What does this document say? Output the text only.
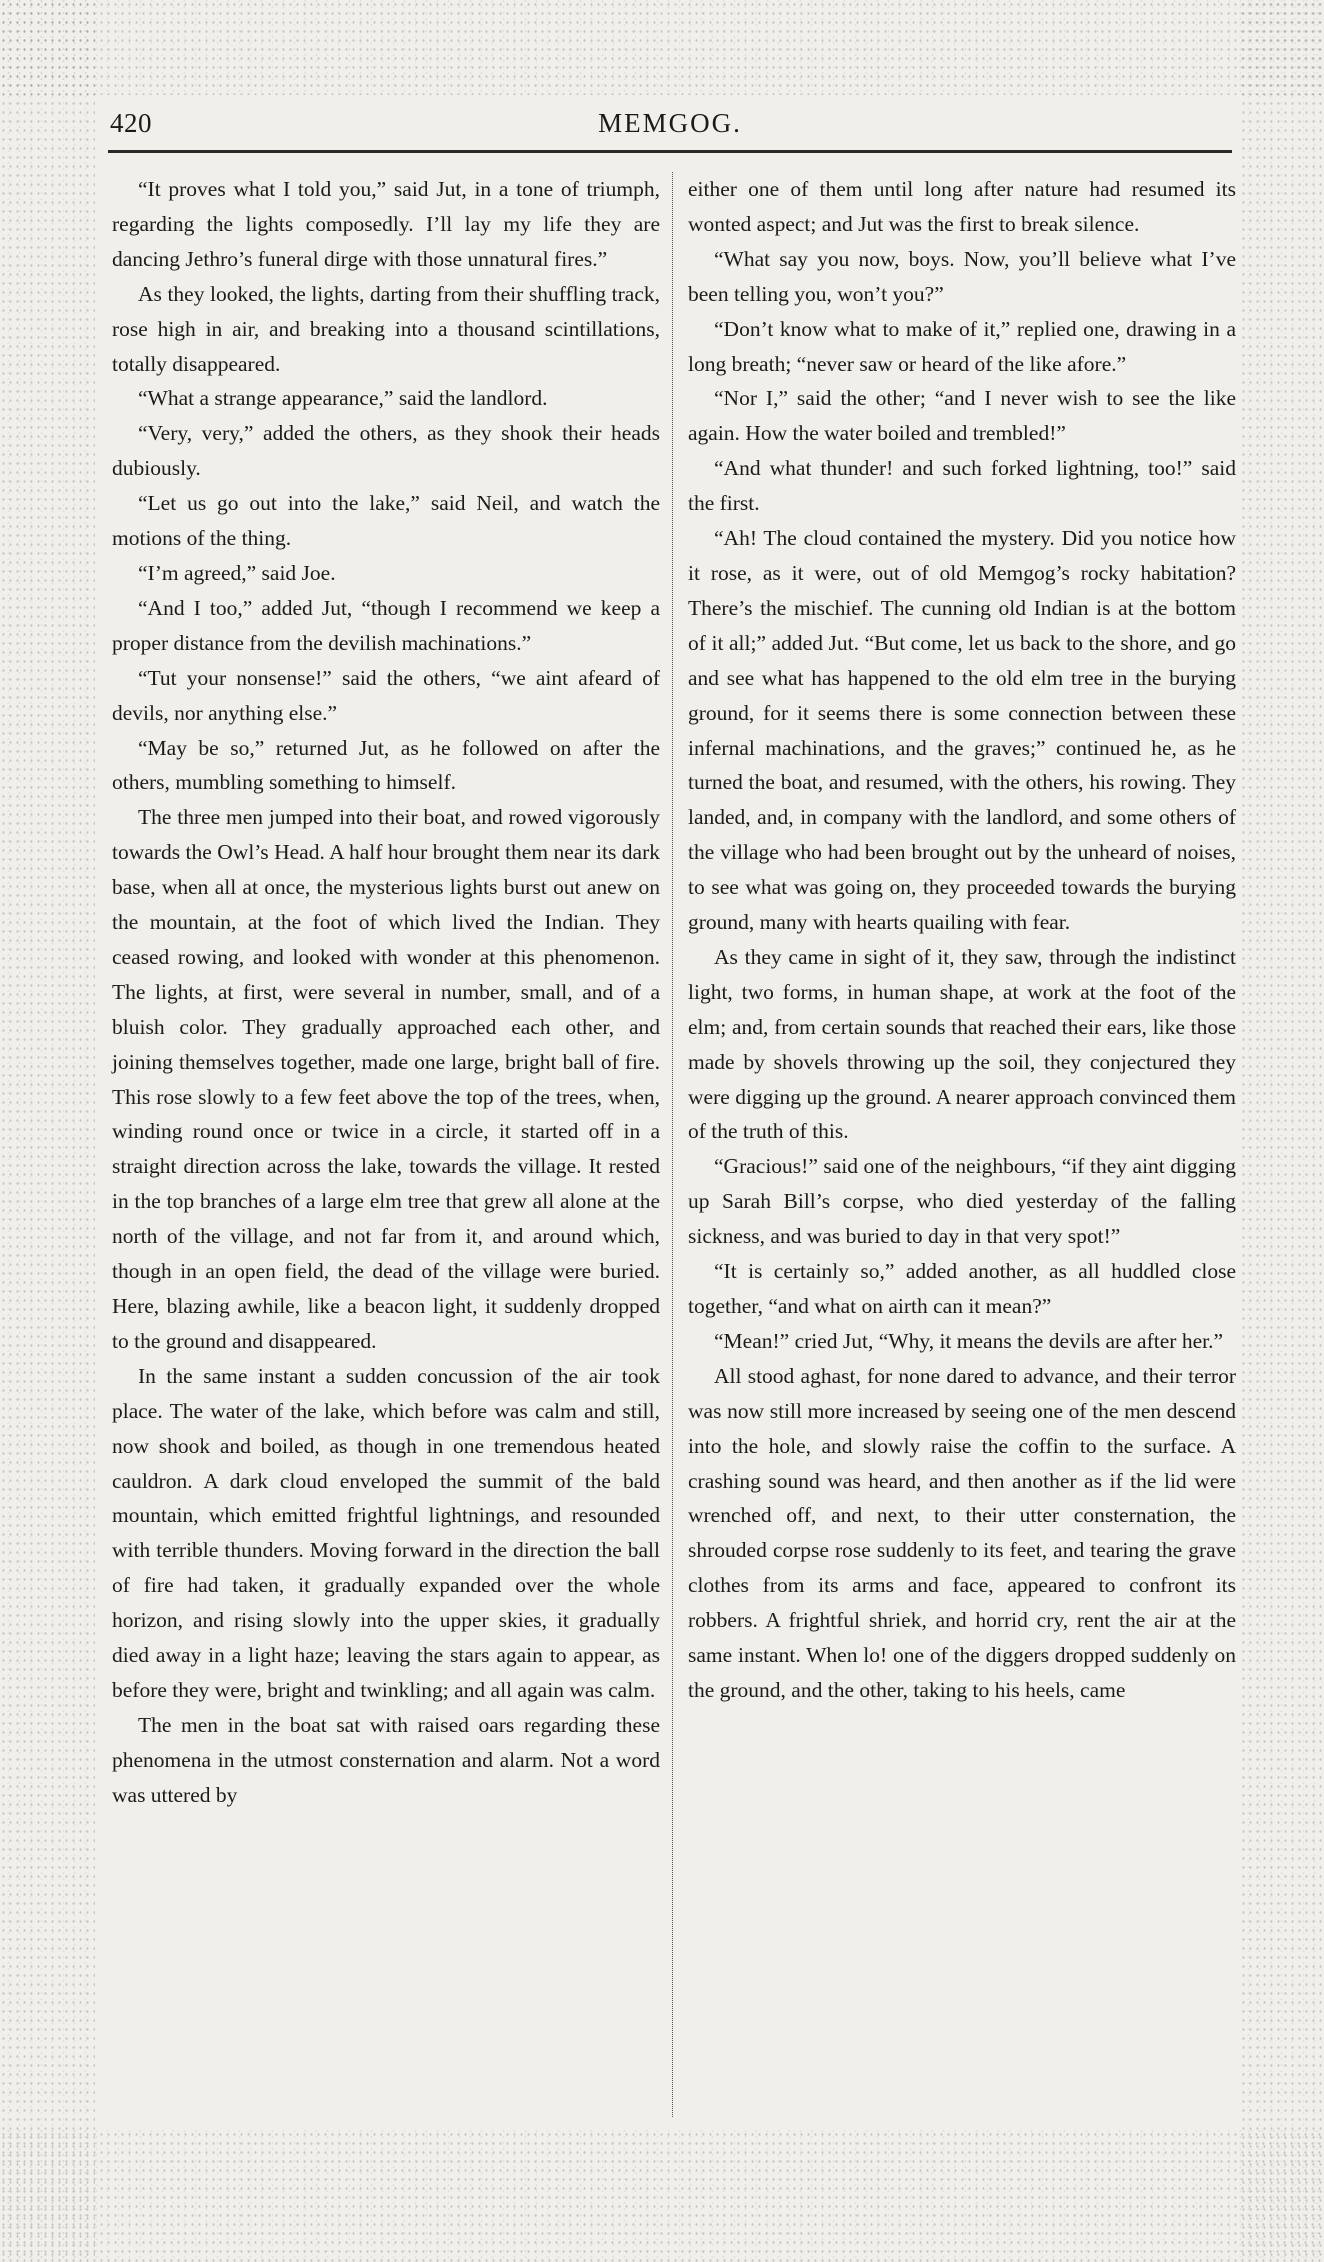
420	MEMGOG.

“It proves what I told you,” said Jut, in a tone of triumph, regarding the lights composedly. I’ll lay my life they are dancing Jethro’s funeral dirge with those unnatural fires.”

As they looked, the lights, darting from their shuffling track, rose high in air, and breaking into a thousand scintillations, totally disappeared.

“What a strange appearance,” said the landlord.

“Very, very,” added the others, as they shook their heads dubiously.

“Let us go out into the lake,” said Neil, and watch the motions of the thing.

“I’m agreed,” said Joe.

“And I too,” added Jut, “though I recommend we keep a proper distance from the devilish machinations.”

“Tut your nonsense!” said the others, “we aint afeard of devils, nor anything else.”

“May be so,” returned Jut, as he followed on after the others, mumbling something to himself.

The three men jumped into their boat, and rowed vigorously towards the Owl’s Head. A half hour brought them near its dark base, when all at once, the mysterious lights burst out anew on the mountain, at the foot of which lived the Indian. They ceased rowing, and looked with wonder at this phenomenon. The lights, at first, were several in number, small, and of a bluish color. They gradually approached each other, and joining themselves together, made one large, bright ball of fire. This rose slowly to a few feet above the top of the trees, when, winding round once or twice in a circle, it started off in a straight direction across the lake, towards the village. It rested in the top branches of a large elm tree that grew all alone at the north of the village, and not far from it, and around which, though in an open field, the dead of the village were buried. Here, blazing awhile, like a beacon light, it suddenly dropped to the ground and disappeared.

In the same instant a sudden concussion of the air took place. The water of the lake, which before was calm and still, now shook and boiled, as though in one tremendous heated cauldron. A dark cloud enveloped the summit of the bald mountain, which emitted frightful lightnings, and resounded with terrible thunders. Moving forward in the direction the ball of fire had taken, it gradually expanded over the whole horizon, and rising slowly into the upper skies, it gradually died away in a light haze; leaving the stars again to appear, as before they were, bright and twinkling; and all again was calm.

The men in the boat sat with raised oars regarding these phenomena in the utmost consternation and alarm. Not a word was uttered by

either one of them until long after nature had resumed its wonted aspect; and Jut was the first to break silence.

“What say you now, boys. Now, you’ll believe what I’ve been telling you, won’t you?”

“Don’t know what to make of it,” replied one, drawing in a long breath; “never saw or heard of the like afore.”

“Nor I,” said the other; “and I never wish to see the like again. How the water boiled and trembled!”

“And what thunder! and such forked lightning, too!” said the first.

“Ah! The cloud contained the mystery. Did you notice how it rose, as it were, out of old Memgog’s rocky habitation? There’s the mischief. The cunning old Indian is at the bottom of it all;” added Jut. “But come, let us back to the shore, and go and see what has happened to the old elm tree in the burying ground, for it seems there is some connection between these infernal machinations, and the graves;” continued he, as he turned the boat, and resumed, with the others, his rowing. They landed, and, in company with the landlord, and some others of the village who had been brought out by the unheard of noises, to see what was going on, they proceeded towards the burying ground, many with hearts quailing with fear.

As they came in sight of it, they saw, through the indistinct light, two forms, in human shape, at work at the foot of the elm; and, from certain sounds that reached their ears, like those made by shovels throwing up the soil, they conjectured they were digging up the ground. A nearer approach convinced them of the truth of this.

“Gracious!” said one of the neighbours, “if they aint digging up Sarah Bill’s corpse, who died yesterday of the falling sickness, and was buried to day in that very spot!”

“It is certainly so,” added another, as all huddled close together, “and what on airth can it mean?”

“Mean!” cried Jut, “Why, it means the devils are after her.”

All stood aghast, for none dared to advance, and their terror was now still more increased by seeing one of the men descend into the hole, and slowly raise the coffin to the surface. A crashing sound was heard, and then another as if the lid were wrenched off, and next, to their utter consternation, the shrouded corpse rose suddenly to its feet, and tearing the grave clothes from its arms and face, appeared to confront its robbers. A frightful shriek, and horrid cry, rent the air at the same instant. When lo! one of the diggers dropped suddenly on the ground, and the other, taking to his heels, came
